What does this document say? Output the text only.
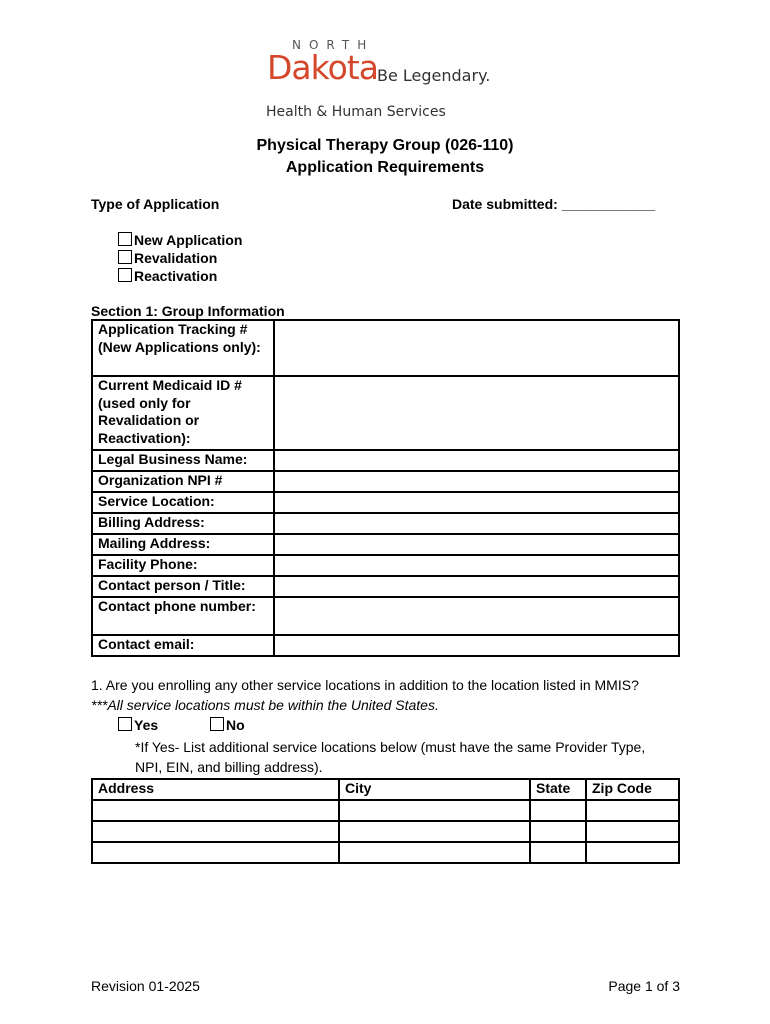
NORTH
Dakota Be Legendary.
Health & Human Services
Physical Therapy Group (026-110)
Application Requirements
Type of Application	Date submitted: ____________
New Application
Revalidation
Reactivation
Section 1: Group Information
Application Tracking # (New Applications only):	
Current Medicaid ID # (used only for Revalidation or Reactivation):	
Legal Business Name:	
Organization NPI #	
Service Location:	
Billing Address:	
Mailing Address:	
Facility Phone:	
Contact person / Title:	
Contact phone number:	
Contact email:	
1. Are you enrolling any other service locations in addition to the location listed in MMIS? ***All service locations must be within the United States.
Yes	No
*If Yes- List additional service locations below (must have the same Provider Type, NPI, EIN, and billing address).
Address	City	State	Zip Code

Revision 01-2025	Page 1 of 3
